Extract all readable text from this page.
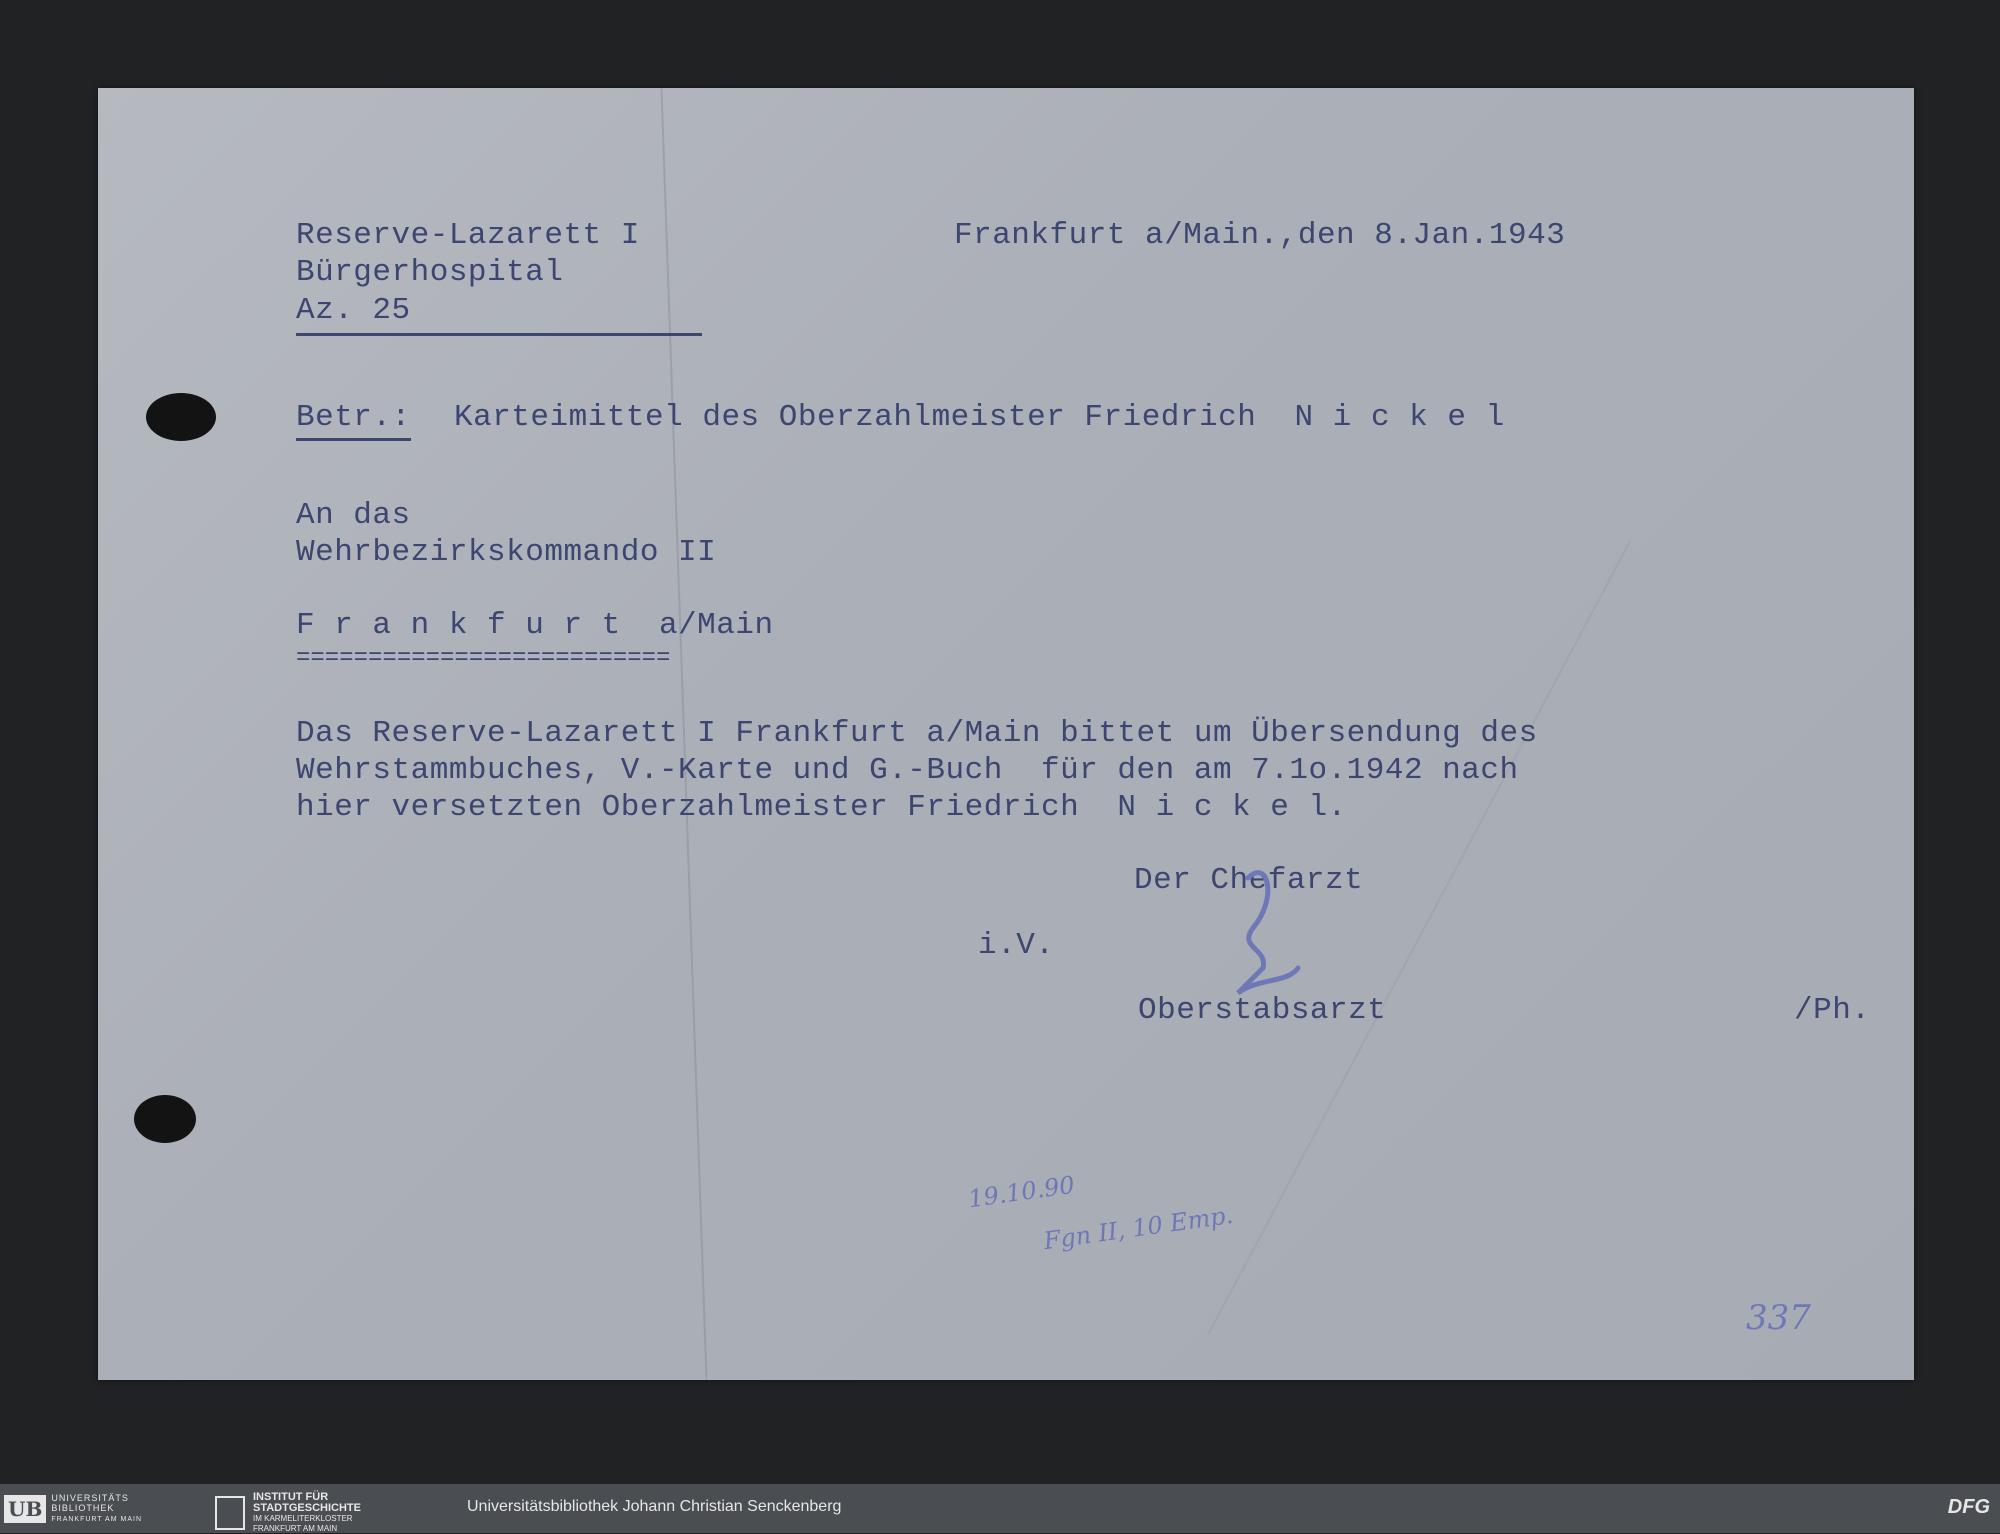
Reserve-Lazarett I
Bürgerhospital
Az. 25
Frankfurt a/Main.,den 8.Jan.1943
Betr.: Karteimittel des Oberzahlmeister Friedrich  N i c k e l
An das
Wehrbezirkskommando II
F r a n k f u r t  a/Main
==========================
Das Reserve-Lazarett I Frankfurt a/Main bittet um Übersendung des
Wehrstammbuches, V.-Karte und G.-Buch  für den am 7.1o.1942 nach
hier versetzten Oberzahlmeister Friedrich  N i c k e l.
Der Chefarzt
i.V.
Oberstabsarzt	/Ph.
19.10.90
Fgn II, 10 Emp.
337
UB	UNIVERSITÄTS
BIBLIOTHEK
FRANKFURT AM MAIN
INSTITUT FÜR
STADTGESCHICHTE
IM KARMELITERKLOSTER
FRANKFURT AM MAIN
Universitätsbibliothek Johann Christian Senckenberg	DFG
